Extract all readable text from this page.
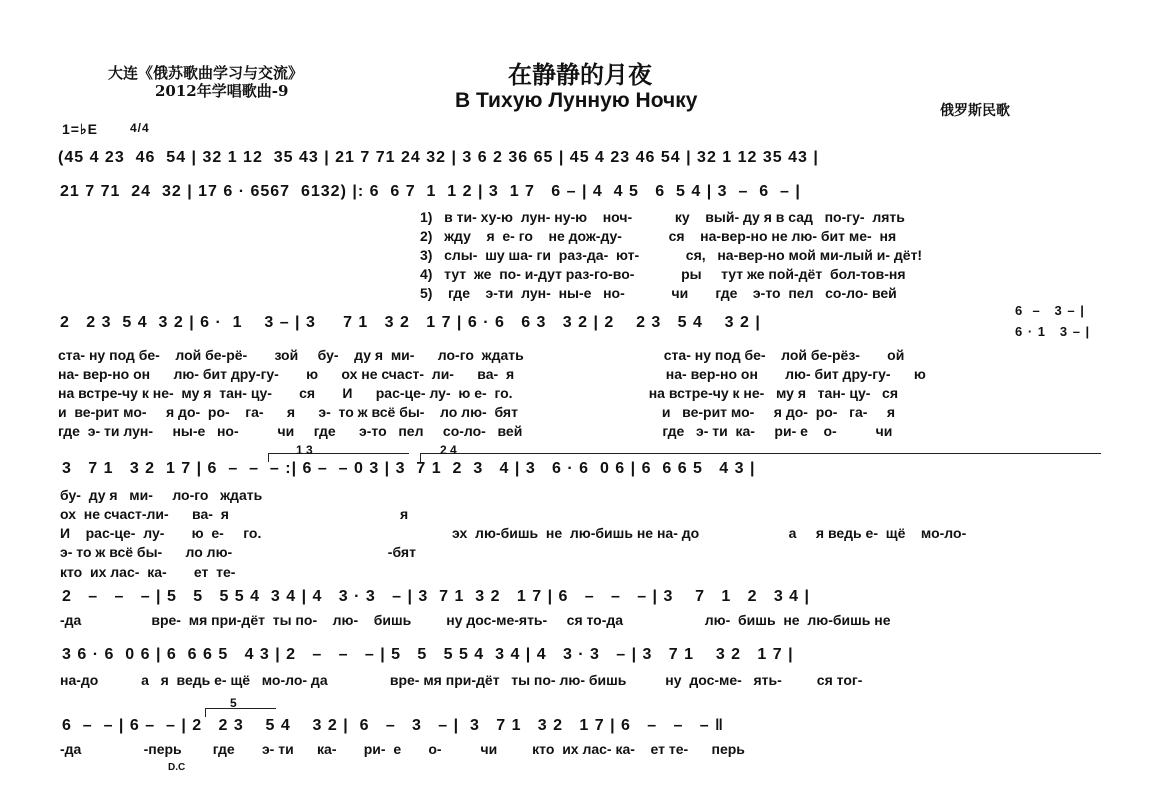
大连《俄苏歌曲学习与交流》
2012年学唱歌曲-9
在静静的月夜
В Тихую Лунную Ночку	俄罗斯民歌
1=♭E	4/4
(45 4 23  46  54 | 32 1 12  35 43 | 21 7 71 24 32 | 3 6 2 36 65 | 45 4 23 46 54 | 32 1 12 35 43 |
21 7 71  24  32 | 17 6 · 6567  6132) |: 6  6 7  1  1 2 | 3  1 7   6 – | 4  4 5   6  5 4 | 3  –  6  – |
1)   в ти- ху-ю  лун- ну-ю    ноч-           ку    вый- ду я в сад   по-гу-  лять
2)   жду    я  е- го    не дож-ду-            ся    на-вер-но не лю- бит ме-  ня
3)   слы-  шу ша- ги  раз-да-  ют-            ся,   на-вер-но мой ми-лый и- дёт!
4)   тут  же  по- и-дут раз-го-во-            ры     тут же пой-дёт  бол-тов-ня
5)    где    э-ти  лун-  ны-е   но-            чи       где    э-то  пел   со-ло- вей
2   2 3  5 4  3 2 | 6 ·  1    3 – | 3     7 1   3 2   1 7 | 6 · 6   6 3   3 2 | 2    2 3   5 4    3 2 |
6  –   3 – |
6 · 1   3 – |
ста- ну под бе-    лой бе-рё-       зой     бу-    ду я  ми-      ло-го  ждать                                    ста- ну под бе-    лой бе-рёз-       ой
на- вер-но он      лю- бит дру-гу-       ю      ох не счаст-  ли-      ва-  я                                       на- вер-но он       лю- бит дру-гу-      ю
на встре-чу к не-  му я  тан- цу-       ся       И      рас-це- лу-  ю е-  го.                                   на встре-чу к не-   му я   тан- цу-   ся
и  ве-рит мо-     я до-  ро-    га-      я      э-  то ж всё бы-    ло лю-  бят                                     и   ве-рит мо-     я до-  ро-   га-     я
где  э- ти лун-     ны-е   но-          чи     где      э-то   пел     со-ло-   вей                                    где   э- ти  ка-     ри- е    о-          чи
1 3	2 4
3   7 1   3 2  1 7 | 6  –  –  – :| 6 –  – 0 3 | 3  7 1  2  3   4 | 3   6 · 6  0 6 | 6  6 6 5   4 3 |
бу-  ду я   ми-     ло-го   ждать
ох  не счаст-ли-      ва-  я                                            я
И    рас-це-  лу-       ю  е-     го.                                                 эх  лю-бишь  не  лю-бишь не на- до                       а     я ведь е-  щё    мо-ло-
э- то ж всё бы-      ло лю-                                        -бят
кто  их лас-  ка-       ет  те-
2   –   –   – | 5   5   5 5 4  3 4 | 4   3 · 3   – | 3  7 1  3 2   1 7 | 6   –   –   – | 3    7   1   2   3 4 |
-да                  вре-  мя при-дёт  ты по-    лю-    бишь         ну дос-ме-ять-     ся то-да                     лю-  бишь  не  лю-бишь не
3 6 · 6  0 6 | 6  6 6 5   4 3 | 2   –   –   – | 5   5   5 5 4  3 4 | 4   3 · 3   – | 3   7 1    3 2   1 7 |
на-до           а   я  ведь е- щё   мо-ло- да                вре- мя при-дёт   ты по- лю- бишь          ну  дос-ме-   ять-         ся тог-
5
6  –  – | 6 –  – | 2   2 3    5 4    3 2 |  6   –   3   – |  3   7 1   3 2   1 7 | 6   –   –   – ‖
-да                -перь        где       э- ти      ка-       ри-  е       о-          чи         кто  их лас- ка-    ет те-      перь
D.C
